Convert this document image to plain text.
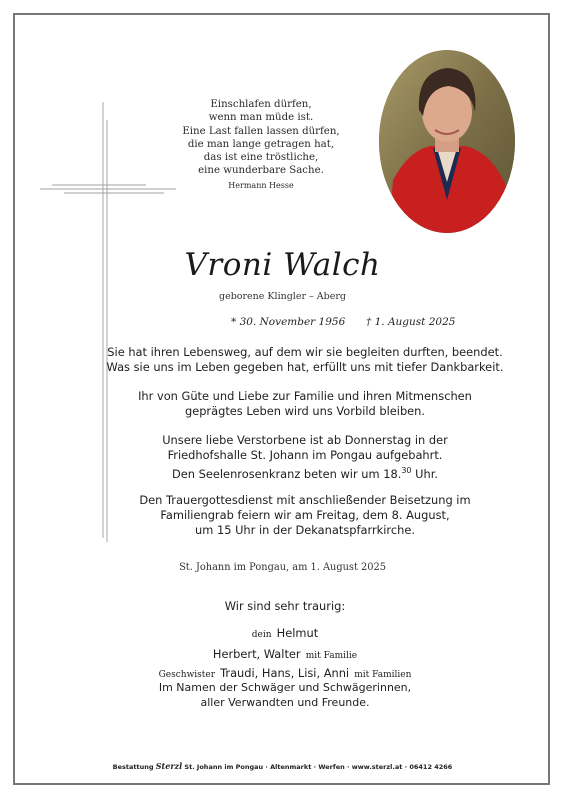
Einschlafen dürfen,
wenn man müde ist.
Eine Last fallen lassen dürfen,
die man lange getragen hat,
das ist eine tröstliche,
eine wunderbare Sache.
Hermann Hesse
Vroni Walch
geborene Klingler – Aberg
* 30. November 1956 † 1. August 2025
Sie hat ihren Lebensweg, auf dem wir sie begleiten durften, beendet.
Was sie uns im Leben gegeben hat, erfüllt uns mit tiefer Dankbarkeit.
Ihr von Güte und Liebe zur Familie und ihren Mitmenschen
geprägtes Leben wird uns Vorbild bleiben.
Unsere liebe Verstorbene ist ab Donnerstag in der
Friedhofshalle St. Johann im Pongau aufgebahrt.
Den Seelenrosenkranz beten wir um 18.30 Uhr.
Den Trauergottesdienst mit anschließender Beisetzung im
Familiengrab feiern wir am Freitag, dem 8. August,
um 15 Uhr in der Dekanatspfarrkirche.
St. Johann im Pongau, am 1. August 2025
Wir sind sehr traurig:
dein Helmut
Herbert, Walter mit Familie
Geschwister Traudi, Hans, Lisi, Anni mit Familien
Im Namen der Schwäger und Schwägerinnen,
aller Verwandten und Freunde.
Bestattung Sterzl St. Johann im Pongau · Altenmarkt · Werfen · www.sterzl.at · 06412 4266
